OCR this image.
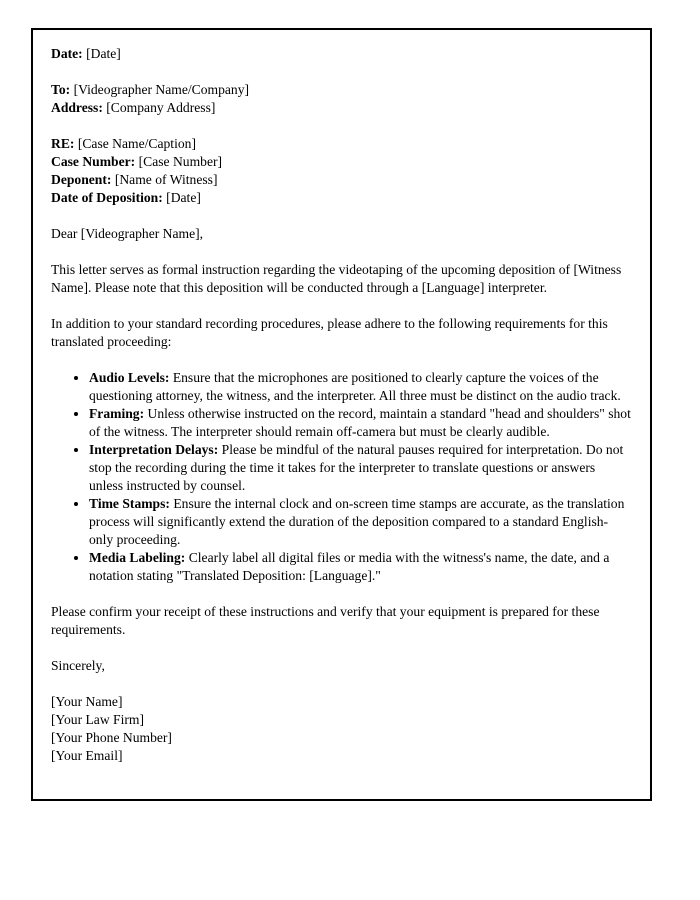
Date: [Date]

To: [Videographer Name/Company]

Address: [Company Address]

RE: [Case Name/Caption]

Case Number: [Case Number]

Deponent: [Name of Witness]

Date of Deposition: [Date]

Dear [Videographer Name],

This letter serves as formal instruction regarding the videotaping of the upcoming deposition of [Witness Name]. Please note that this deposition will be conducted through a [Language] interpreter.

In addition to your standard recording procedures, please adhere to the following requirements for this translated proceeding:

• Audio Levels: Ensure that the microphones are positioned to clearly capture the voices of the questioning attorney, the witness, and the interpreter. All three must be distinct on the audio track.
• Framing: Unless otherwise instructed on the record, maintain a standard "head and shoulders" shot of the witness. The interpreter should remain off-camera but must be clearly audible.
• Interpretation Delays: Please be mindful of the natural pauses required for interpretation. Do not stop the recording during the time it takes for the interpreter to translate questions or answers unless instructed by counsel.
• Time Stamps: Ensure the internal clock and on-screen time stamps are accurate, as the translation process will significantly extend the duration of the deposition compared to a standard English-only proceeding.
• Media Labeling: Clearly label all digital files or media with the witness's name, the date, and a notation stating "Translated Deposition: [Language]."

Please confirm your receipt of these instructions and verify that your equipment is prepared for these requirements.

Sincerely,

[Your Name]

[Your Law Firm]

[Your Phone Number]

[Your Email]
